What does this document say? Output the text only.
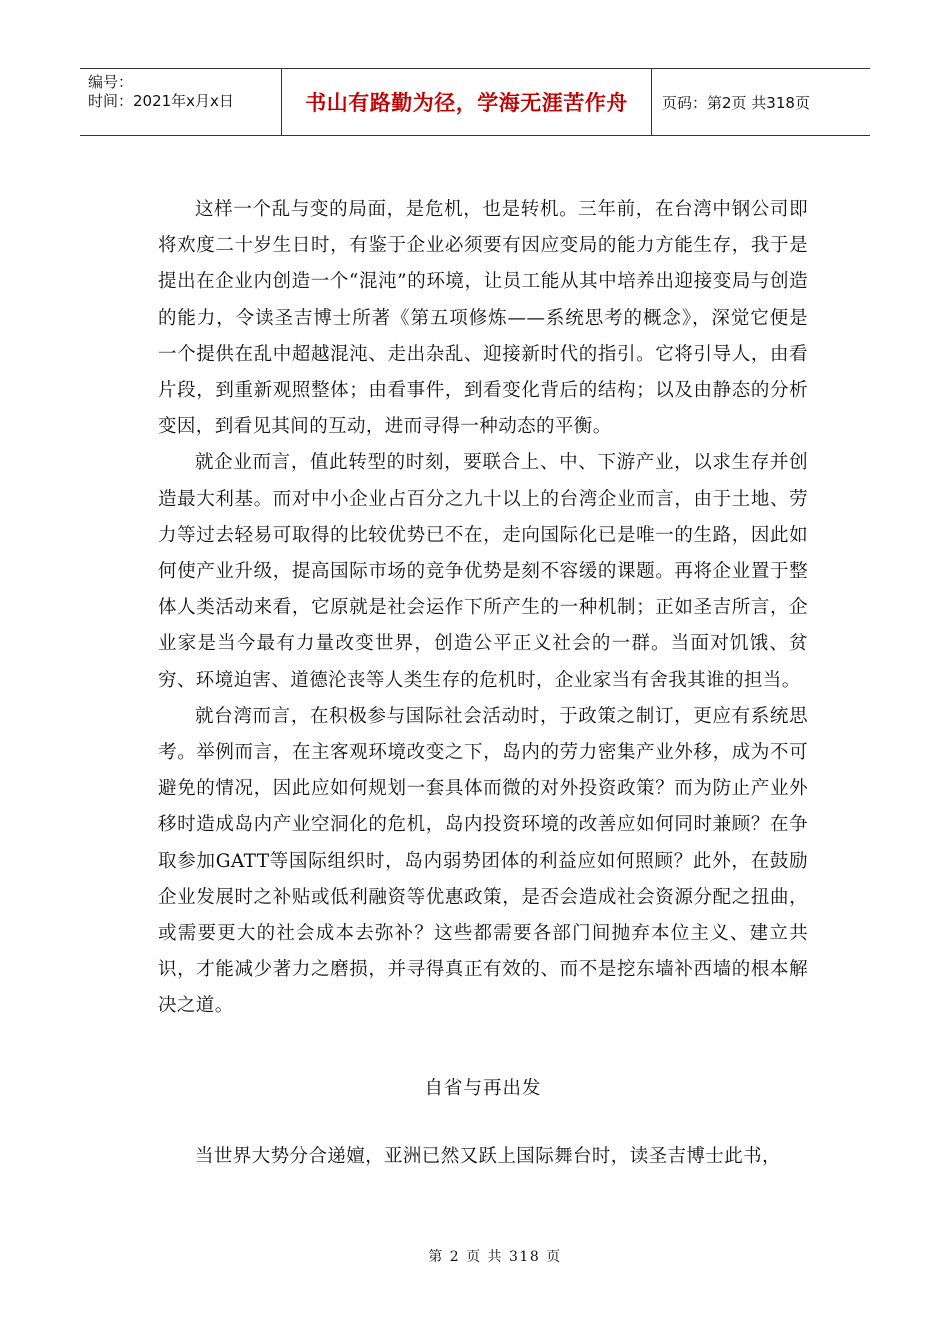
编号：
时间：2021年x月x日	书山有路勤为径，学海无涯苦作舟	页码：第2页 共318页

这样一个乱与变的局面，是危机，也是转机。三年前，在台湾中钢公司即将欢度二十岁生日时，有鉴于企业必须要有因应变局的能力方能生存，我于是提出在企业内创造一个“混沌”的环境，让员工能从其中培养出迎接变局与创造的能力，令读圣吉博士所著《第五项修炼——系统思考的概念》，深觉它便是一个提供在乱中超越混沌、走出杂乱、迎接新时代的指引。它将引导人，由看片段，到重新观照整体；由看事件，到看变化背后的结构；以及由静态的分析变因，到看见其间的互动，进而寻得一种动态的平衡。

就企业而言，值此转型的时刻，要联合上、中、下游产业，以求生存并创造最大利基。而对中小企业占百分之九十以上的台湾企业而言，由于土地、劳力等过去轻易可取得的比较优势已不在，走向国际化已是唯一的生路，因此如何使产业升级，提高国际市场的竞争优势是刻不容缓的课题。再将企业置于整体人类活动来看，它原就是社会运作下所产生的一种机制；正如圣吉所言，企业家是当今最有力量改变世界，创造公平正义社会的一群。当面对饥饿、贫穷、环境迫害、道德沦丧等人类生存的危机时，企业家当有舍我其谁的担当。

就台湾而言，在积极参与国际社会活动时，于政策之制订，更应有系统思考。举例而言，在主客观环境改变之下，岛内的劳力密集产业外移，成为不可避免的情况，因此应如何规划一套具体而微的对外投资政策？而为防止产业外移时造成岛内产业空洞化的危机，岛内投资环境的改善应如何同时兼顾？在争取参加GATT等国际组织时，岛内弱势团体的利益应如何照顾？此外，在鼓励企业发展时之补贴或低利融资等优惠政策，是否会造成社会资源分配之扭曲，或需要更大的社会成本去弥补？这些都需要各部门间抛弃本位主义、建立共识，才能减少著力之磨损，并寻得真正有效的、而不是挖东墙补西墙的根本解决之道。

自省与再出发

当世界大势分合递嬗，亚洲已然又跃上国际舞台时，读圣吉博士此书，

第 2 页 共 318 页
